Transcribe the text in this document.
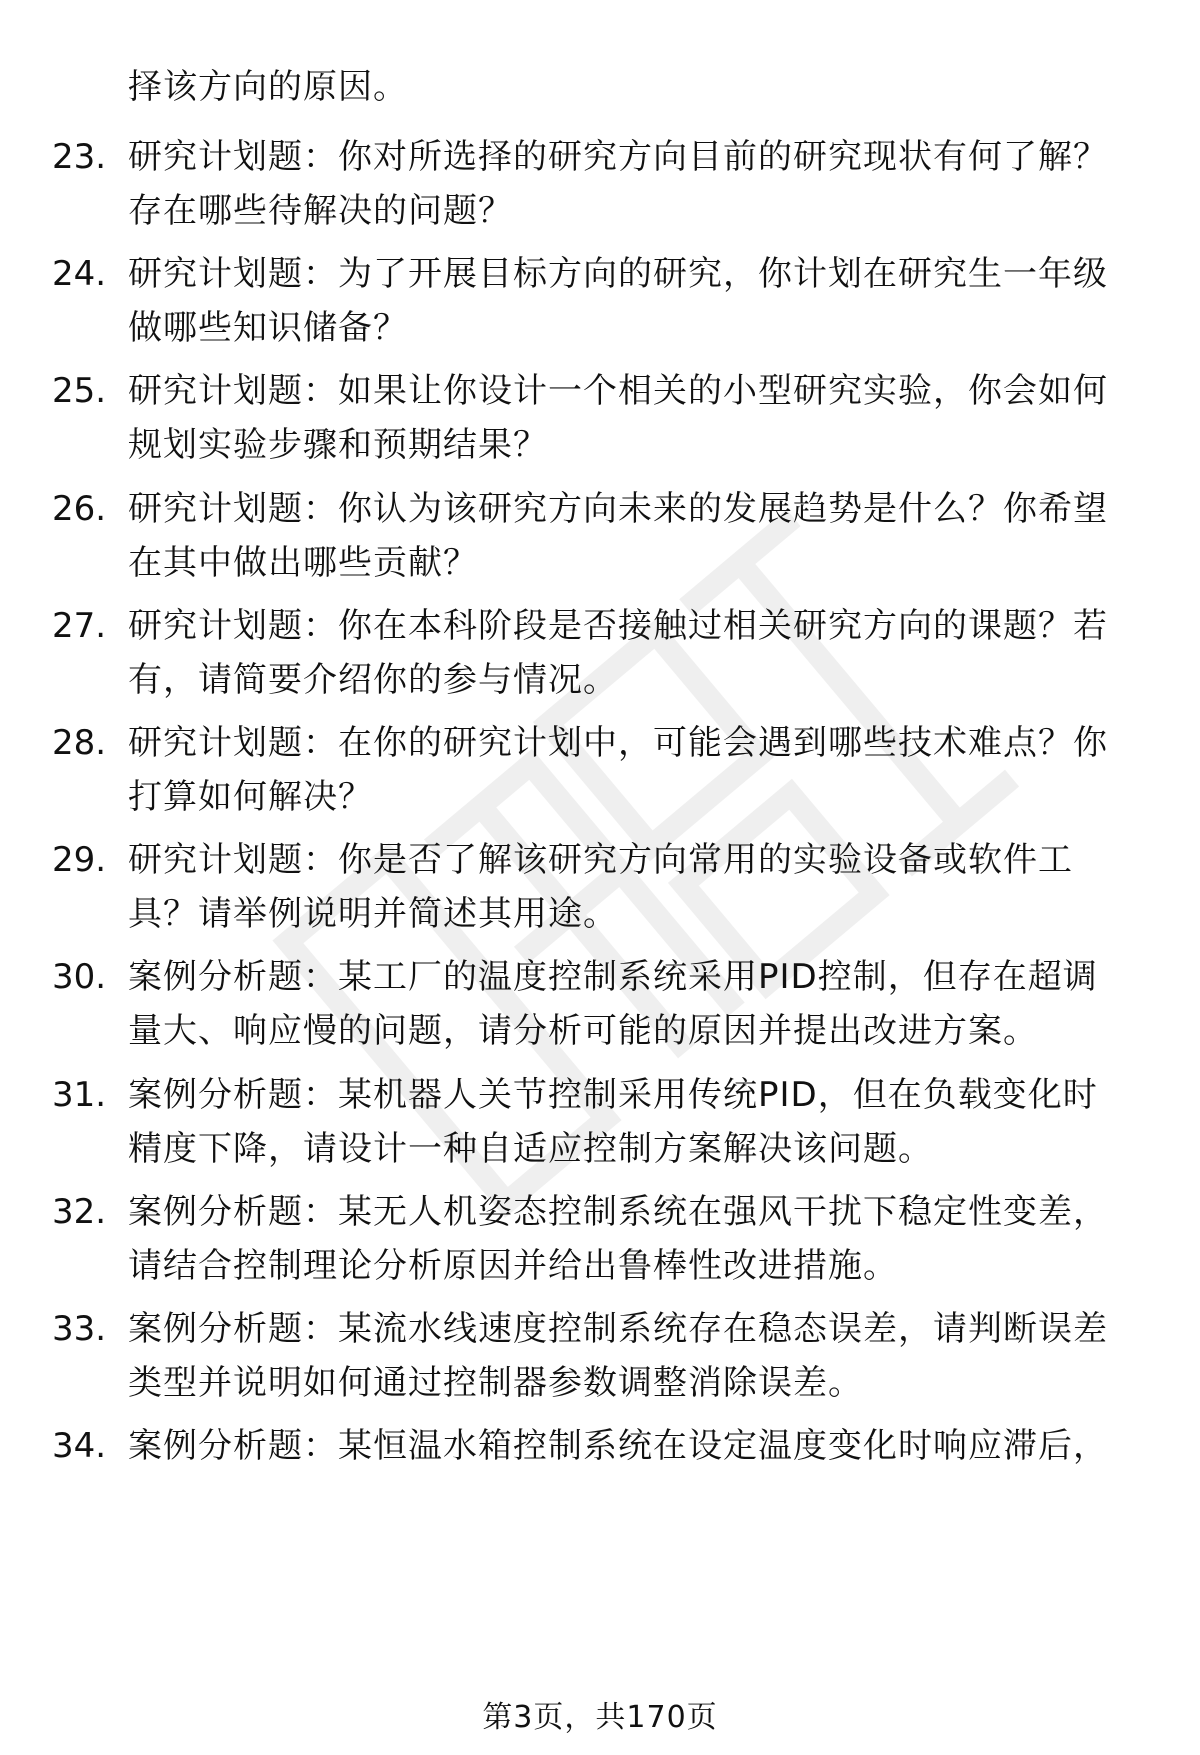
择该方向的原因。
23. 研究计划题：你对所选择的研究方向目前的研究现状有何了解？
存在哪些待解决的问题？
24. 研究计划题：为了开展目标方向的研究，你计划在研究生一年级
做哪些知识储备？
25. 研究计划题：如果让你设计一个相关的小型研究实验，你会如何
规划实验步骤和预期结果？
26. 研究计划题：你认为该研究方向未来的发展趋势是什么？你希望
在其中做出哪些贡献？
27. 研究计划题：你在本科阶段是否接触过相关研究方向的课题？若
有，请简要介绍你的参与情况。
28. 研究计划题：在你的研究计划中，可能会遇到哪些技术难点？你
打算如何解决？
29. 研究计划题：你是否了解该研究方向常用的实验设备或软件工
具？请举例说明并简述其用途。
30. 案例分析题：某工厂的温度控制系统采用PID控制，但存在超调
量大、响应慢的问题，请分析可能的原因并提出改进方案。
31. 案例分析题：某机器人关节控制采用传统PID，但在负载变化时
精度下降，请设计一种自适应控制方案解决该问题。
32. 案例分析题：某无人机姿态控制系统在强风干扰下稳定性变差，
请结合控制理论分析原因并给出鲁棒性改进措施。
33. 案例分析题：某流水线速度控制系统存在稳态误差，请判断误差
类型并说明如何通过控制器参数调整消除误差。
34. 案例分析题：某恒温水箱控制系统在设定温度变化时响应滞后，
第3页，共170页
